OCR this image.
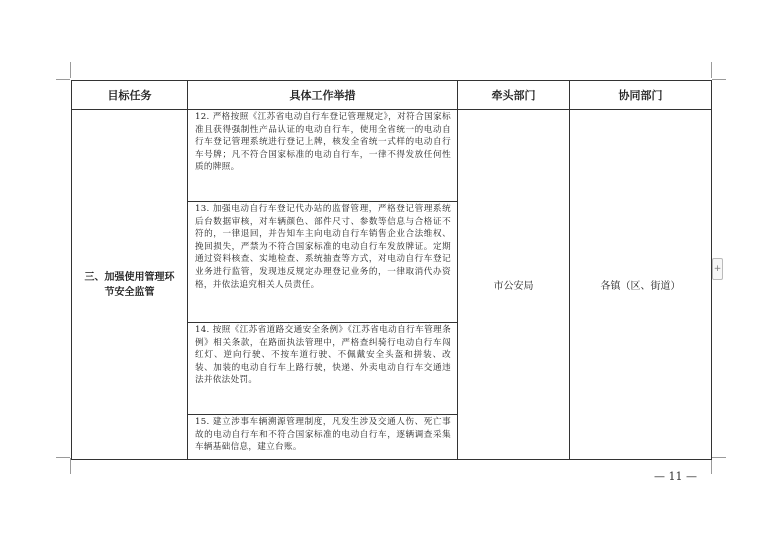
目标任务	具体工作举措	牵头部门	协同部门
三、加强使用管理环节安全监管	12. 严格按照《江苏省电动自行车登记管理规定》，对符合国家标准且获得强制性产品认证的电动自行车，使用全省统一的电动自行车登记管理系统进行登记上牌，核发全省统一式样的电动自行车号牌；凡不符合国家标准的电动自行车，一律不得发放任何性质的牌照。	市公安局	各镇（区、街道）
	13. 加强电动自行车登记代办站的监督管理，严格登记管理系统后台数据审核，对车辆颜色、部件尺寸、参数等信息与合格证不符的，一律退回，并告知车主向电动自行车销售企业合法维权、挽回损失，严禁为不符合国家标准的电动自行车发放牌证。定期通过资料核查、实地检查、系统抽查等方式，对电动自行车登记业务进行监管，发现违反规定办理登记业务的，一律取消代办资格，并依法追究相关人员责任。		
	14. 按照《江苏省道路交通安全条例》《江苏省电动自行车管理条例》相关条款，在路面执法管理中，严格查纠骑行电动自行车闯红灯、逆向行驶、不按车道行驶、不佩戴安全头盔和拼装、改装、加装的电动自行车上路行驶，快递、外卖电动自行车交通违法并依法处罚。		
	15. 建立涉事车辆溯源管理制度，凡发生涉及交通人伤、死亡事故的电动自行车和不符合国家标准的电动自行车，逐辆调查采集车辆基础信息，建立台账。		
+
— 11 —
